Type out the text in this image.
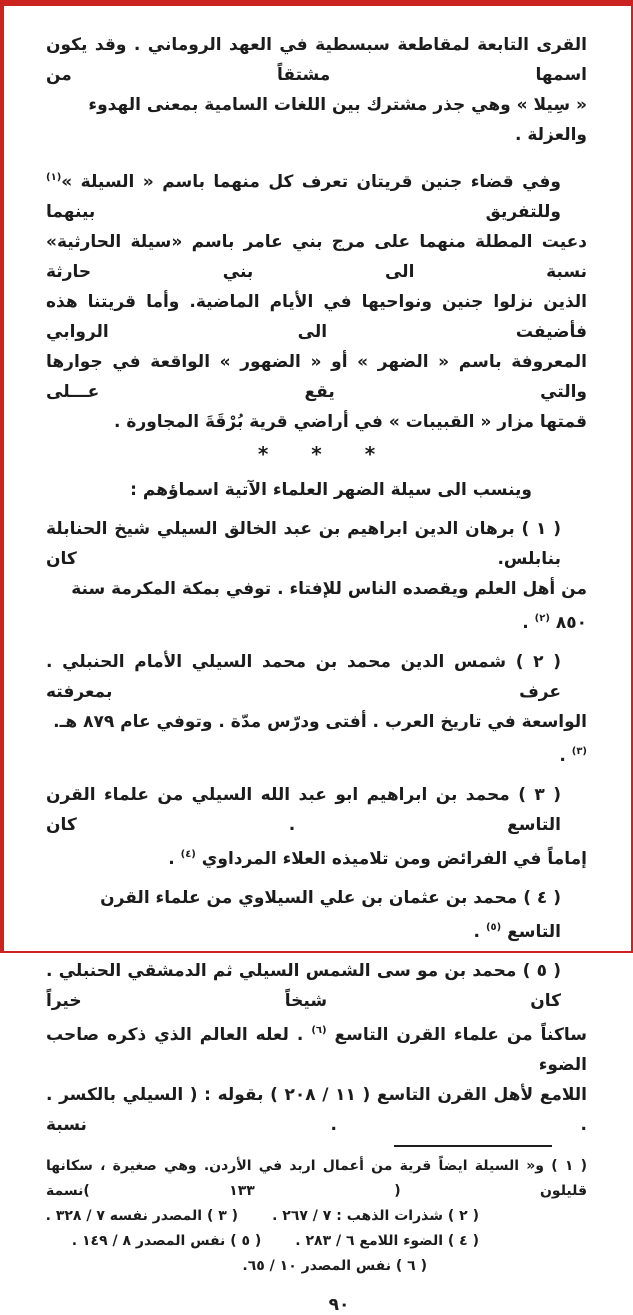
القرى التابعة لمقاطعة سبسطية في العهد الروماني . وقد يكون اسمها مشتقاً من
« سِيلا » وهي جذر مشترك بين اللغات السامية بمعنى الهدوء والعزلة .
وفي قضاء جنين قريتان تعرف كل منهما باسم « السيلة »$^{(١)}$ وللتفريق بينهما
دعيت المطلة منهما على مرج بني عامر باسم «سيلة الحارثية» نسبة الى بني حارثة
الذين نزلوا جنين ونواحيها في الأيام الماضية. وأما قريتنا هذه فأضيفت الى الروابي
المعروفة باسم « الضهر » أو « الضهور » الواقعة في جوارها والتي يقع عـــلى
قمتها مزار « القبيبات » في أراضي قرية بُرْقَةَ المجاورة .
* * *
وينسب الى سيلة الضهر العلماء الآتية اسماؤهم :
( ١ ) برهان الدين ابراهيم بن عبد الخالق السيلي شيخ الحنابلة بنابلس. كان
من أهل العلم ويقصده الناس للإفتاء . توفي بمكة المكرمة سنة ٨٥٠ $^{(٢)}$ .
( ٢ ) شمس الدين محمد بن محمد السيلي الأمام الحنبلي . عرف بمعرفته
الواسعة في تاريخ العرب . أفتى ودرّس مدّة . وتوفي عام ٨٧٩ هـ. $^{(٣)}$ .
( ٣ ) محمد بن ابراهيم ابو عبد الله السيلي من علماء القرن التاسع . كان
إماماً في الفرائض ومن تلاميذه العلاء المرداوي $^{(٤)}$ .
( ٤ ) محمد بن عثمان بن علي السيلاوي من علماء القرن التاسع $^{(٥)}$ .
( ٥ ) محمد بن مو سى الشمس السيلي ثم الدمشقي الحنبلي . كان شيخاً خيراً
ساكناً من علماء القرن التاسع $^{(٦)}$ . لعله العالم الذي ذكره صاحب الضوء
اللامع لأهل القرن التاسع ( ١١ / ٢٠٨ ) بقوله : ( السيلي بالكسر . . . نسبة
( ١ ) و« السيلة ايضاً قرية من أعمال اربد في الأردن. وهي صغيرة ، سكانها قليلون ( ١٣٣ )نسمة
( ٢ ) شذرات الذهب : ٧ / ٢٦٧ .
( ٣ ) المصدر نفسه ٧ / ٣٢٨ .
( ٤ ) الضوء اللامع ٦ / ٢٨٣ .
( ٥ ) نفس المصدر ٨ / ١٤٩ .
( ٦ ) نفس المصدر ١٠ / ٦٥.
٩٠
